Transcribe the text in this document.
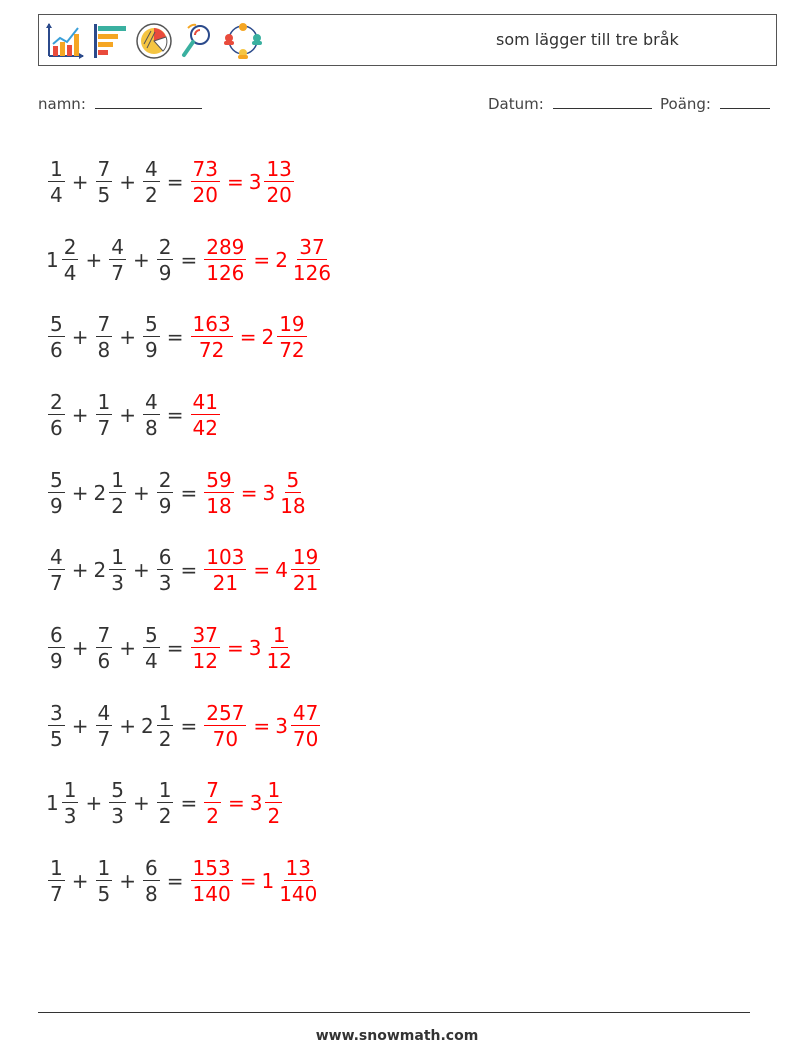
som lägger till tre bråk
namn:	Datum:	Poäng:
$\frac{1}{4} + \frac{7}{5} + \frac{4}{2} = \frac{73}{20} = 3 \frac{13}{20}$
$1 \frac{2}{4} + \frac{4}{7} + \frac{2}{9} = \frac{289}{126} = 2 \frac{37}{126}$
$\frac{5}{6} + \frac{7}{8} + \frac{5}{9} = \frac{163}{72} = 2 \frac{19}{72}$
$\frac{2}{6} + \frac{1}{7} + \frac{4}{8} = \frac{41}{42}$
$\frac{5}{9} + 2 \frac{1}{2} + \frac{2}{9} = \frac{59}{18} = 3 \frac{5}{18}$
$\frac{4}{7} + 2 \frac{1}{3} + \frac{6}{3} = \frac{103}{21} = 4 \frac{19}{21}$
$\frac{6}{9} + \frac{7}{6} + \frac{5}{4} = \frac{37}{12} = 3 \frac{1}{12}$
$\frac{3}{5} + \frac{4}{7} + 2 \frac{1}{2} = \frac{257}{70} = 3 \frac{47}{70}$
$1 \frac{1}{3} + \frac{5}{3} + \frac{1}{2} = \frac{7}{2} = 3 \frac{1}{2}$
$\frac{1}{7} + \frac{1}{5} + \frac{6}{8} = \frac{153}{140} = 1 \frac{13}{140}$
www.snowmath.com
